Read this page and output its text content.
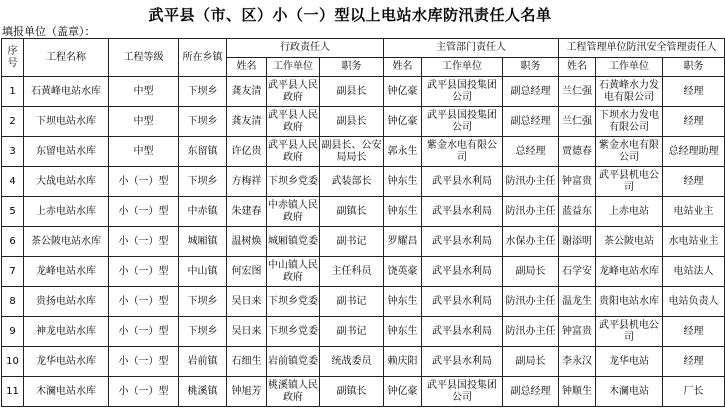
武平县（市、区）小（一）型以上电站水库防汛责任人名单
填报单位（盖章）：
序号	工程名称	工程等级	所在乡镇	行政责任人			主管部门责任人			工程管理单位防汛安全管理责任人		
				姓名	工作单位	职务	姓名	工作单位	职务	姓名	工作单位	职务
1	石黄峰电站水库	中型	下坝乡	龚友清	武平县人民政府	副县长	钟亿豪	武平县国投集团公司	副总经理	兰仁强	石黄峰水力发电有限公司	经理
2	下坝电站水库	中型	下坝乡	龚友清	武平县人民政府	副县长	钟亿豪	武平县国投集团公司	副总经理	兰仁强	下坝水力发电有限公司	经理
3	东留电站水库	中型	东留镇	许亿贵	武平县人民政府	副县长、公安局局长	郭永生	紫金水电有限公司	总经理	贾德春	紫金水电有限公司	总经理助理
4	大战电站水库	小（一）型	下坝乡	方梅祥	下坝乡党委	武装部长	钟东生	武平县水利局	防汛办主任	钟富贵	武平县机电公司	经理
5	上赤电站水库	小（一）型	中赤镇	朱建春	中赤镇人民政府	副镇长	钟东生	武平县水利局	防汛办主任	蓝益东	上赤电站	电站业主
6	茶公陂电站水库	小（一）型	城厢镇	温树焕	城厢镇党委	副书记	罗耀昌	武平县水利局	水保办主任	谢添明	茶公陂电站	水电站业主
7	龙峰电站水库	小（一）型	中山镇	何宏图	中山镇人民政府	主任科员	饶英豪	武平县水利局	副局长	石学安	龙峰电站水库	电站法人
8	贵扬电站水库	小（一）型	下坝乡	吴日来	下坝乡党委	副书记	钟东生	武平县水利局	防汛办主任	温龙生	贵阳电站水库	电站负责人
9	神龙电站水库	小（一）型	下坝乡	吴日来	下坝乡党委	副书记	钟东生	武平县水利局	防汛办主任	钟富贵	武平县机电公司	经理
10	龙华电站水库	小（一）型	岩前镇	石细生	岩前镇党委	统战委员	赖庆阳	武平县水利局	副局长	李永汉	龙华电站	经理
11	木澜电站水库	小（一）型	桃溪镇	钟旭芳	桃溪镇人民政府	副镇长	钟亿豪	武平县国投集团公司	副总经理	钟顺生	木澜电站	厂长
